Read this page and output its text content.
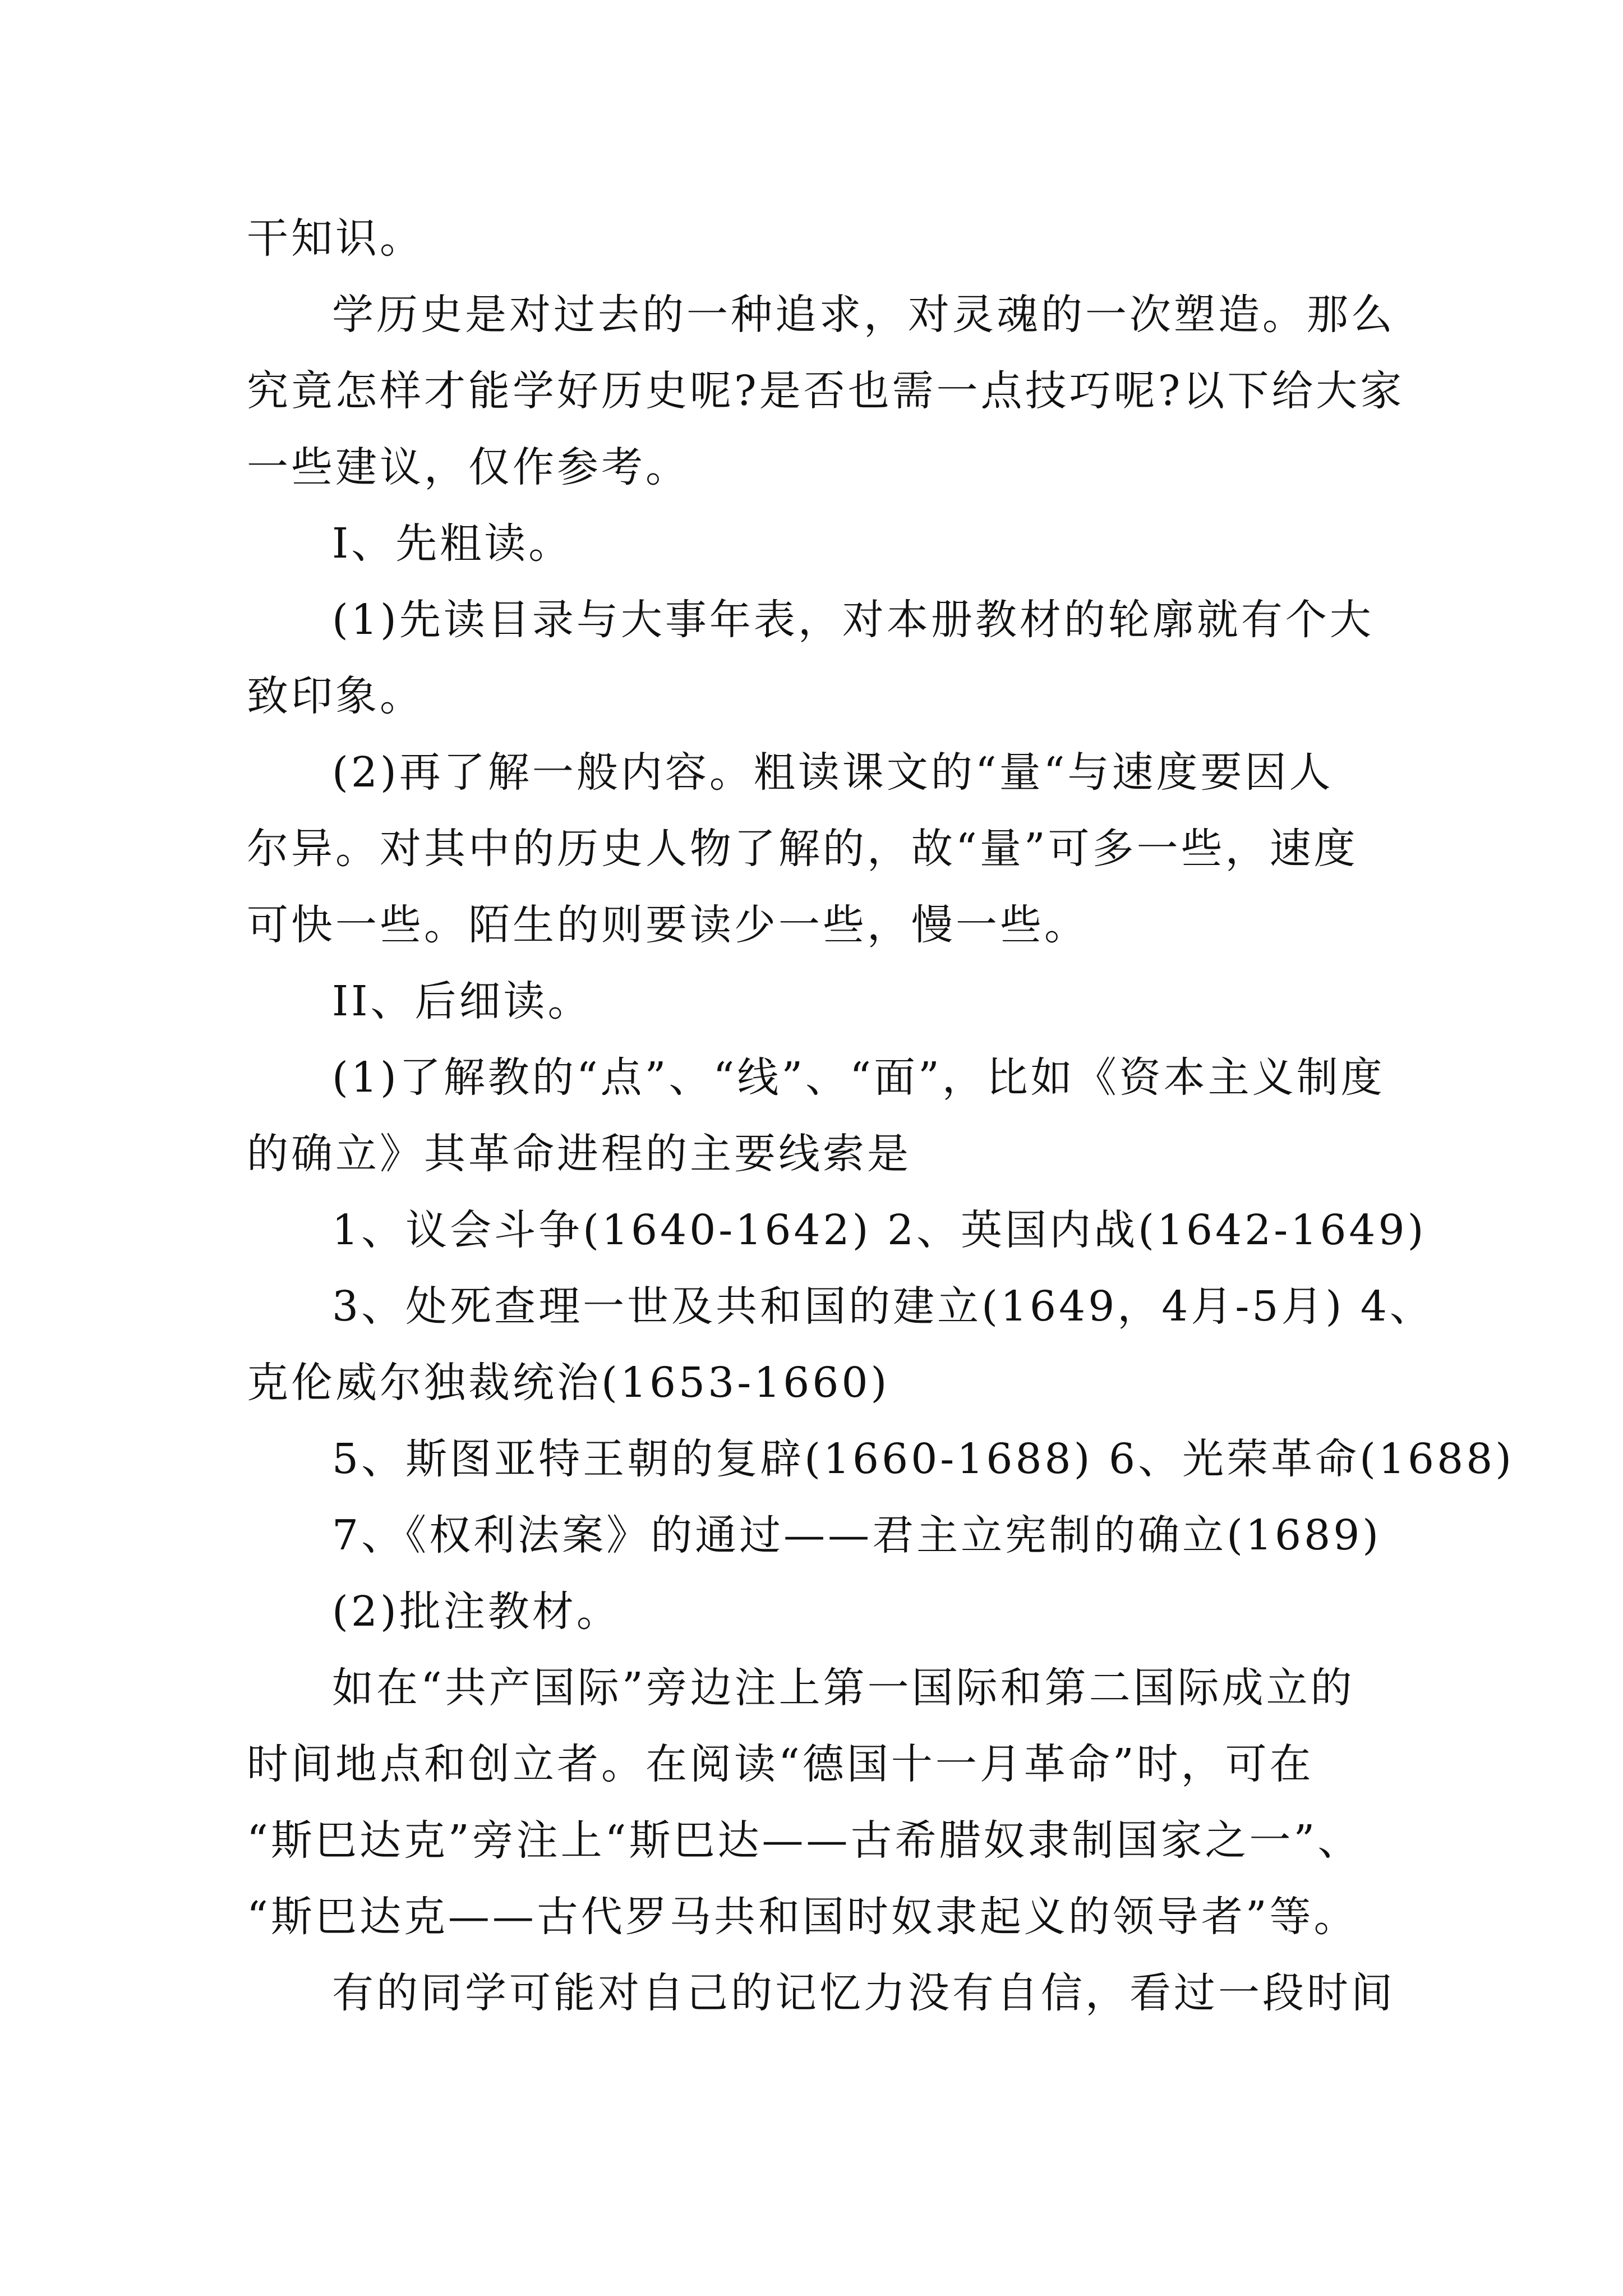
干知识。
学历史是对过去的一种追求，对灵魂的一次塑造。那么
究竟怎样才能学好历史呢?是否也需一点技巧呢?以下给大家
一些建议，仅作参考。
I、先粗读。
(1)先读目录与大事年表，对本册教材的轮廓就有个大
致印象。
(2)再了解一般内容。粗读课文的“量“与速度要因人
尔异。对其中的历史人物了解的，故“量”可多一些，速度
可快一些。陌生的则要读少一些，慢一些。
II、后细读。
(1)了解教的“点”、“线”、“面”，比如《资本主义制度
的确立》其革命进程的主要线索是
1、议会斗争(1640-1642) 2、英国内战(1642-1649)
3、处死查理一世及共和国的建立(1649，4月-5月) 4、
克伦威尔独裁统治(1653-1660)
5、斯图亚特王朝的复辟(1660-1688) 6、光荣革命(1688)
7、《权利法案》的通过——君主立宪制的确立(1689)
(2)批注教材。
如在“共产国际”旁边注上第一国际和第二国际成立的
时间地点和创立者。在阅读“德国十一月革命”时，可在
“斯巴达克”旁注上“斯巴达——古希腊奴隶制国家之一”、
“斯巴达克——古代罗马共和国时奴隶起义的领导者”等。
有的同学可能对自己的记忆力没有自信，看过一段时间
